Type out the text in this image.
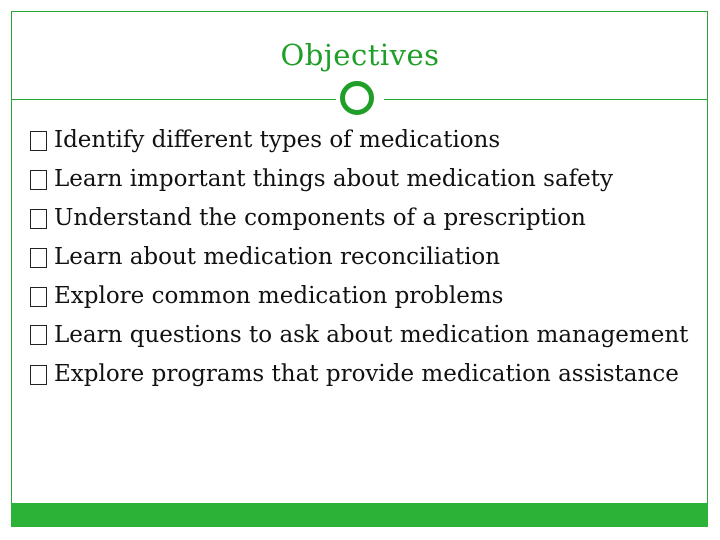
Objectives
Identify different types of medications
Learn important things about medication safety
Understand the components of a prescription
Learn about medication reconciliation
Explore common medication problems
Learn questions to ask about medication management
Explore programs that provide medication assistance
